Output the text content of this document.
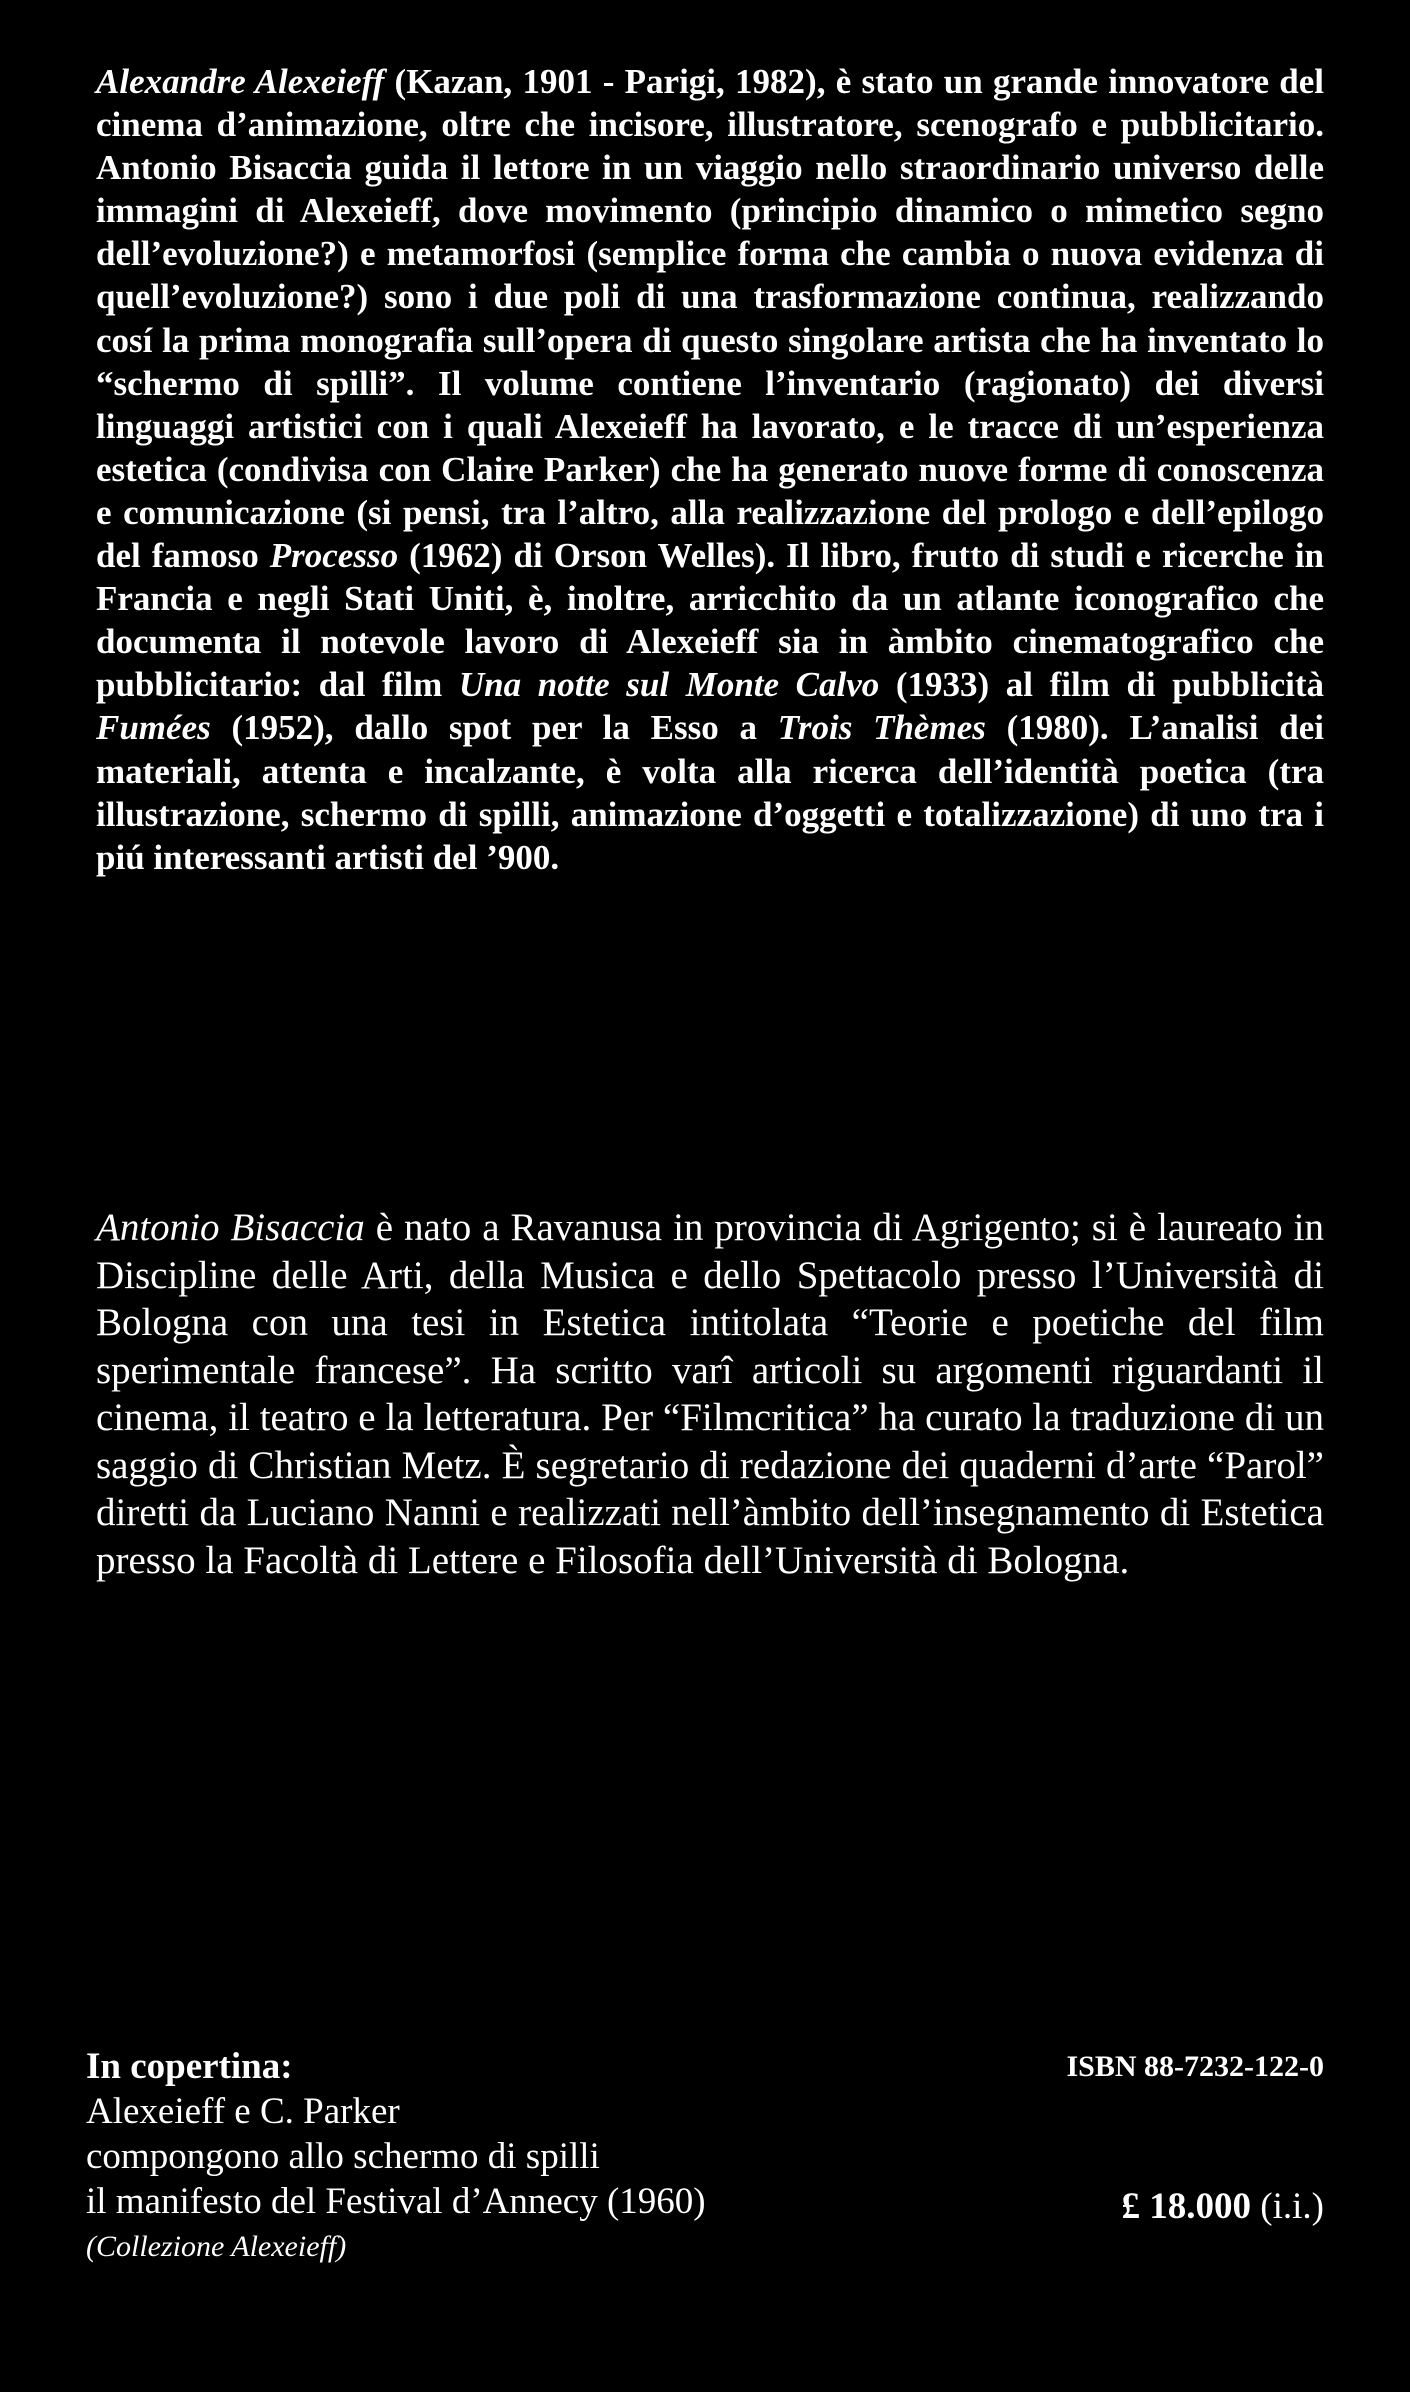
Alexandre Alexeieff (Kazan, 1901 - Parigi, 1982), è stato un grande innovatore del cinema d’animazione, oltre che incisore, illustratore, scenografo e pubblicitario. Antonio Bisaccia guida il lettore in un viaggio nello straordinario universo delle immagini di Alexeieff, dove movimento (principio dinamico o mimetico segno dell’evoluzione?) e metamorfosi (semplice forma che cambia o nuova evidenza di quell’evoluzione?) sono i due poli di una trasformazione continua, realizzando cosí la prima monografia sull’opera di questo singolare artista che ha inventato lo “schermo di spilli”. Il volume contiene l’inventario (ragionato) dei diversi linguaggi artistici con i quali Alexeieff ha lavorato, e le tracce di un’esperienza estetica (condivisa con Claire Parker) che ha generato nuove forme di conoscenza e comunicazione (si pensi, tra l’altro, alla realizzazione del prologo e dell’epilogo del famoso Processo (1962) di Orson Welles). Il libro, frutto di studi e ricerche in Francia e negli Stati Uniti, è, inoltre, arricchito da un atlante iconografico che documenta il notevole lavoro di Alexeieff sia in àmbito cinematografico che pubblicitario: dal film Una notte sul Monte Calvo (1933) al film di pubblicità Fumées (1952), dallo spot per la Esso a Trois Thèmes (1980). L’analisi dei materiali, attenta e incalzante, è volta alla ricerca dell’identità poetica (tra illustrazione, schermo di spilli, animazione d’oggetti e totalizzazione) di uno tra i piú interessanti artisti del ’900.

Antonio Bisaccia è nato a Ravanusa in provincia di Agrigento; si è laureato in Discipline delle Arti, della Musica e dello Spettacolo presso l’Università di Bologna con una tesi in Estetica intitolata “Teorie e poetiche del film sperimentale francese”. Ha scritto varî articoli su argomenti riguardanti il cinema, il teatro e la letteratura. Per “Filmcritica” ha curato la traduzione di un saggio di Christian Metz. È segretario di redazione dei quaderni d’arte “Parol” diretti da Luciano Nanni e realizzati nell’àmbito dell’insegnamento di Estetica presso la Facoltà di Lettere e Filosofia dell’Università di Bologna.

In copertina:
Alexeieff e C. Parker
compongono allo schermo di spilli
il manifesto del Festival d’Annecy (1960)
(Collezione Alexeieff)
ISBN 88-7232-122-0
£ 18.000 (i.i.)
